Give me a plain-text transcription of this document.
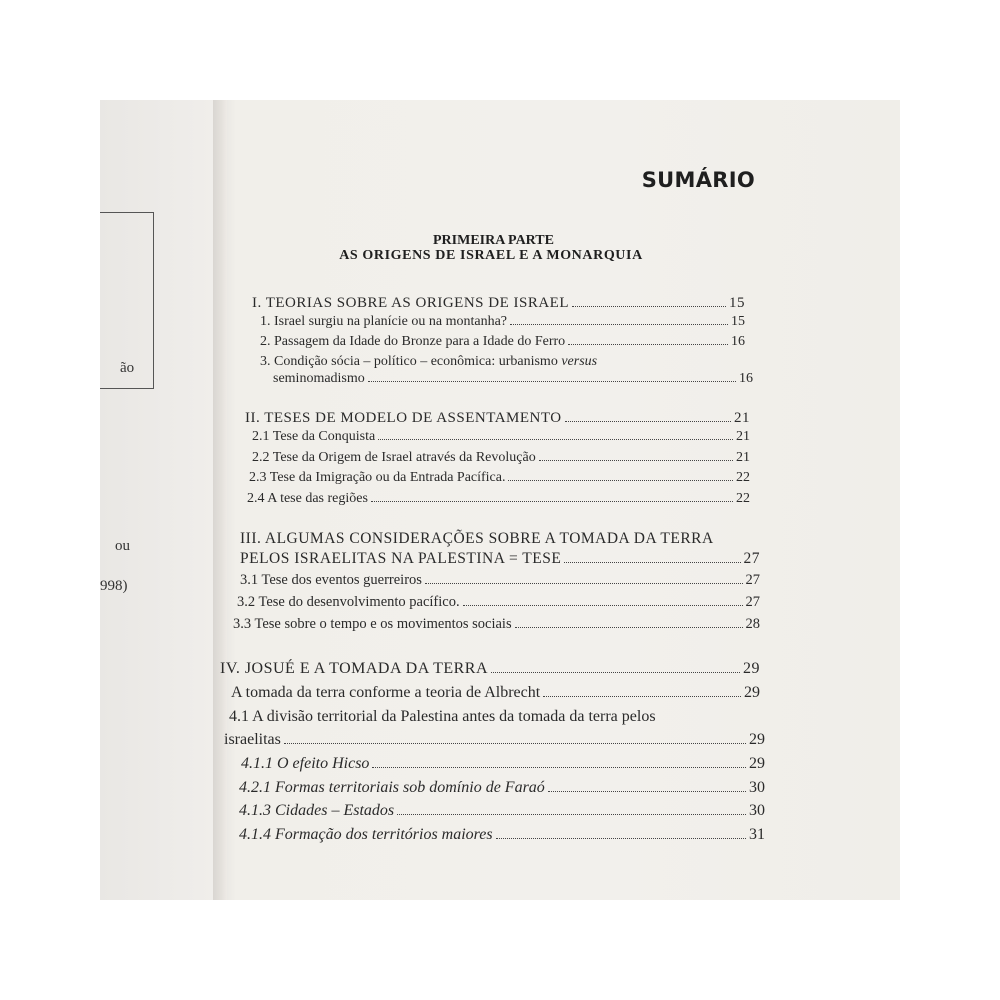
ão
ou
998)
SUMÁRIO
PRIMEIRA PARTE
AS ORIGENS DE ISRAEL E A MONARQUIA
I. TEORIAS SOBRE AS ORIGENS DE ISRAEL	15
1. Israel surgiu na planície ou na montanha?	15
2. Passagem da Idade do Bronze para a Idade do Ferro	16
3. Condição sócia – político – econômica: urbanismo
versus
seminomadismo	16
II. TESES DE MODELO DE ASSENTAMENTO	21
2.1 Tese da Conquista	21
2.2 Tese da Origem de Israel através da Revolução	21
2.3 Tese da Imigração ou da Entrada Pacífica.	22
2.4 A tese das regiões	22
III. ALGUMAS CONSIDERAÇÕES SOBRE A TOMADA DA TERRA
PELOS ISRAELITAS NA PALESTINA = TESE	27
3.1 Tese dos eventos guerreiros	27
3.2 Tese do desenvolvimento pacífico.	27
3.3 Tese sobre o tempo e os movimentos sociais	28
IV. JOSUÉ E A TOMADA DA TERRA	29
A tomada da terra conforme a teoria de Albrecht	29
4.1 A divisão territorial da Palestina antes da tomada da terra pelos
israelitas	29
4.1.1 O efeito Hicso	29
4.2.1 Formas territoriais sob domínio de Faraó	30
4.1.3 Cidades – Estados	30
4.1.4 Formação dos territórios maiores	31
